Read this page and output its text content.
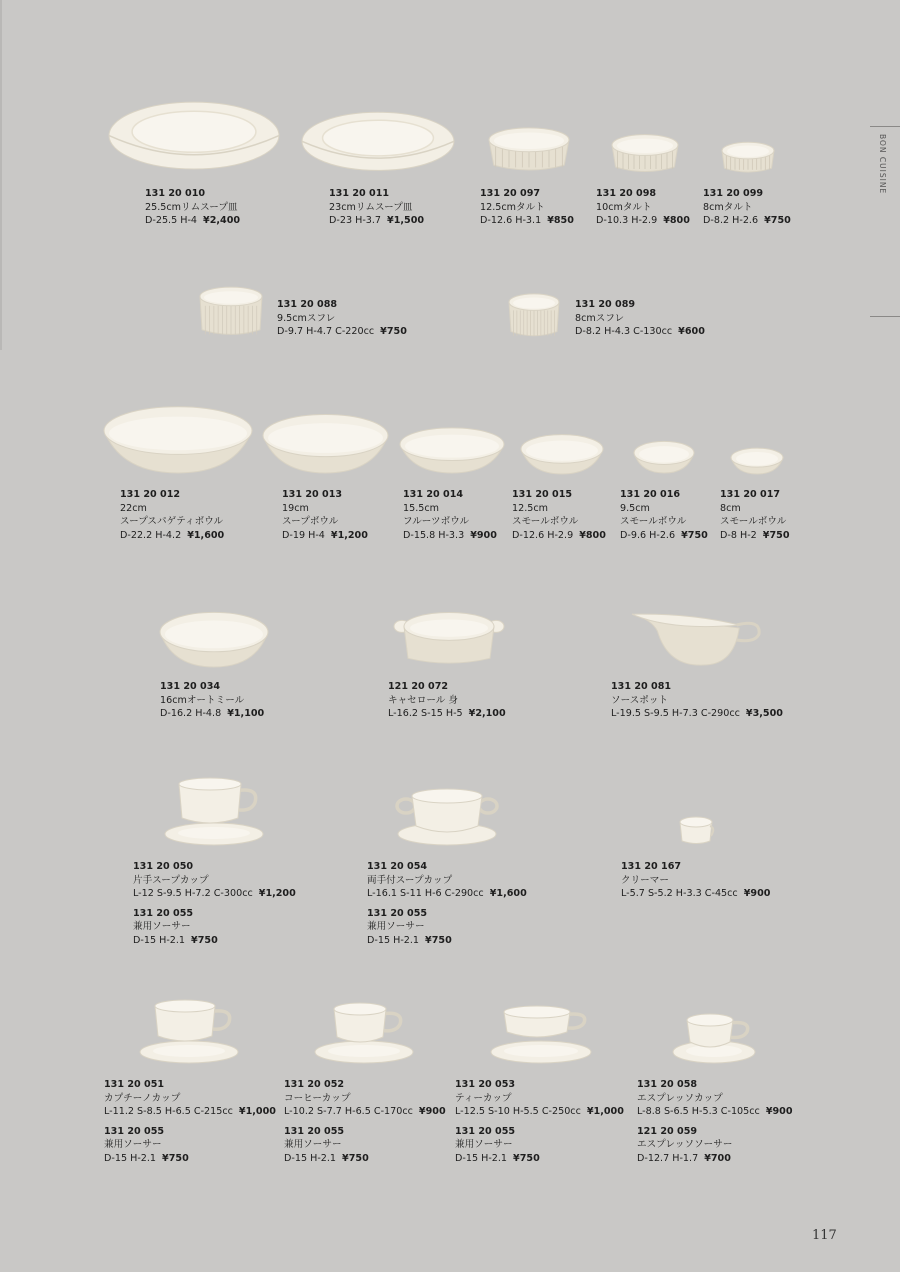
BON CUISINE
131 20 010
25.5cmリムスープ皿
D-25.5 H-4 ¥2,400
131 20 011
23cmリムスープ皿
D-23 H-3.7 ¥1,500
131 20 097
12.5cmタルト
D-12.6 H-3.1 ¥850
131 20 098
10cmタルト
D-10.3 H-2.9 ¥800
131 20 099
8cmタルト
D-8.2 H-2.6 ¥750
131 20 088
9.5cmスフレ
D-9.7 H-4.7 C-220cc ¥750
131 20 089
8cmスフレ
D-8.2 H-4.3 C-130cc ¥600
131 20 012
22cm
スープスパゲティボウル
D-22.2 H-4.2 ¥1,600
131 20 013
19cm
スープボウル
D-19 H-4 ¥1,200
131 20 014
15.5cm
フルーツボウル
D-15.8 H-3.3 ¥900
131 20 015
12.5cm
スモールボウル
D-12.6 H-2.9 ¥800
131 20 016
9.5cm
スモールボウル
D-9.6 H-2.6 ¥750
131 20 017
8cm
スモールボウル
D-8 H-2 ¥750
131 20 034
16cmオートミール
D-16.2 H-4.8 ¥1,100
121 20 072
キャセロール 身
L-16.2 S-15 H-5 ¥2,100
131 20 081
ソースポット
L-19.5 S-9.5 H-7.3 C-290cc ¥3,500
131 20 050
片手スープカップ
L-12 S-9.5 H-7.2 C-300cc ¥1,200
131 20 055
兼用ソーサー
D-15 H-2.1 ¥750
131 20 054
両手付スープカップ
L-16.1 S-11 H-6 C-290cc ¥1,600
131 20 055
兼用ソーサー
D-15 H-2.1 ¥750
131 20 167
クリーマー
L-5.7 S-5.2 H-3.3 C-45cc ¥900
131 20 051
カプチーノカップ
L-11.2 S-8.5 H-6.5 C-215cc ¥1,000
131 20 055
兼用ソーサー
D-15 H-2.1 ¥750
131 20 052
コーヒーカップ
L-10.2 S-7.7 H-6.5 C-170cc ¥900
131 20 055
兼用ソーサー
D-15 H-2.1 ¥750
131 20 053
ティーカップ
L-12.5 S-10 H-5.5 C-250cc ¥1,000
131 20 055
兼用ソーサー
D-15 H-2.1 ¥750
131 20 058
エスプレッソカップ
L-8.8 S-6.5 H-5.3 C-105cc ¥900
121 20 059
エスプレッソソーサー
D-12.7 H-1.7 ¥700
117
